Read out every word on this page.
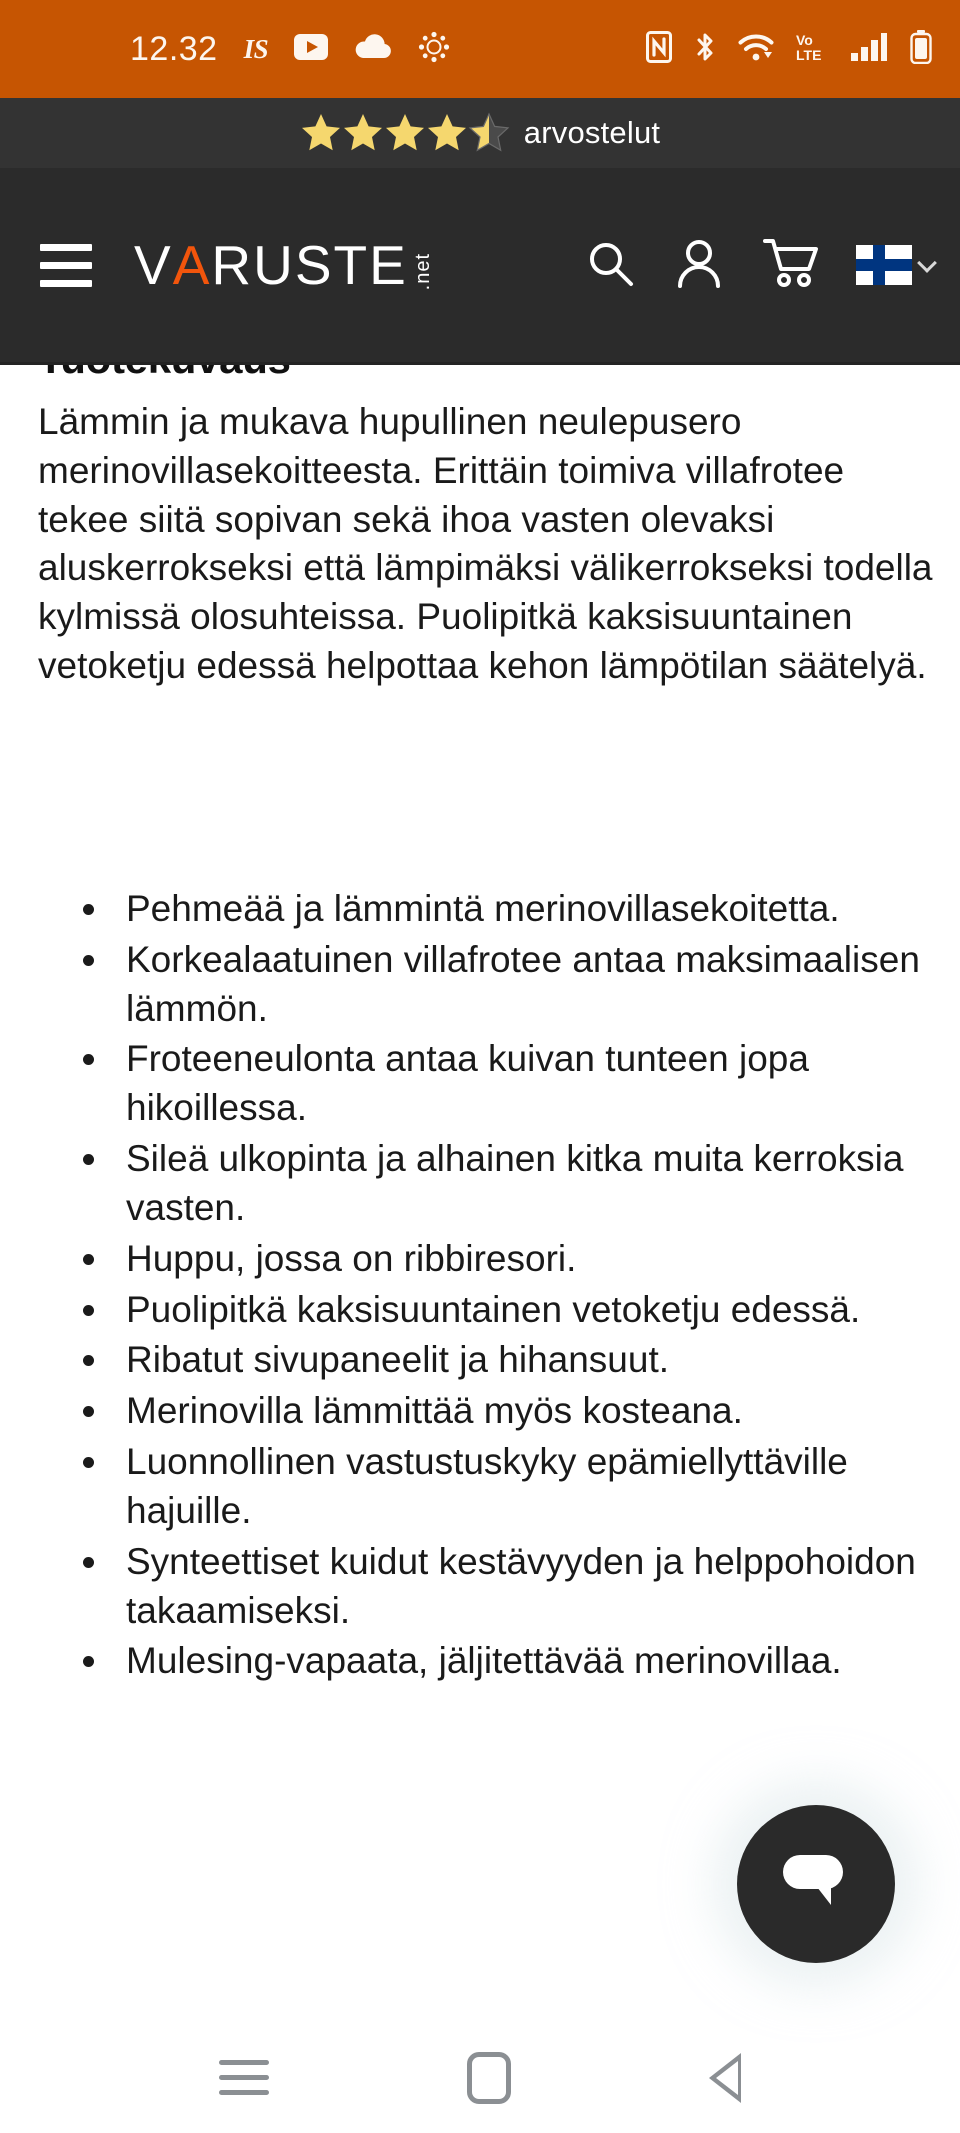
12.32 IS	Vo
LTE
arvostelut
V A RUSTE .net

Lämmin ja mukava hupullinen neulepusero merinovillasekoitteesta. Erittäin toimiva villafrotee tekee siitä sopivan sekä ihoa vasten olevaksi aluskerrokseksi että lämpimäksi välikerrokseksi todella kylmissä olosuhteissa. Puolipitkä kaksisuuntainen vetoketju edessä helpottaa kehon lämpötilan säätelyä.

• Pehmeää ja lämmintä merinovillasekoitetta.
• Korkealaatuinen villafrotee antaa maksimaalisen lämmön.
• Froteeneulonta antaa kuivan tunteen jopa hikoillessa.
• Sileä ulkopinta ja alhainen kitka muita kerroksia vasten.
• Huppu, jossa on ribbiresori.
• Puolipitkä kaksisuuntainen vetoketju edessä.
• Ribatut sivupaneelit ja hihansuut.
• Merinovilla lämmittää myös kosteana.
• Luonnollinen vastustuskyky epämiellyttäville hajuille.
• Synteettiset kuidut kestävyyden ja helppohoidon takaamiseksi.
• Mulesing-vapaata, jäljitettävää merinovillaa.
